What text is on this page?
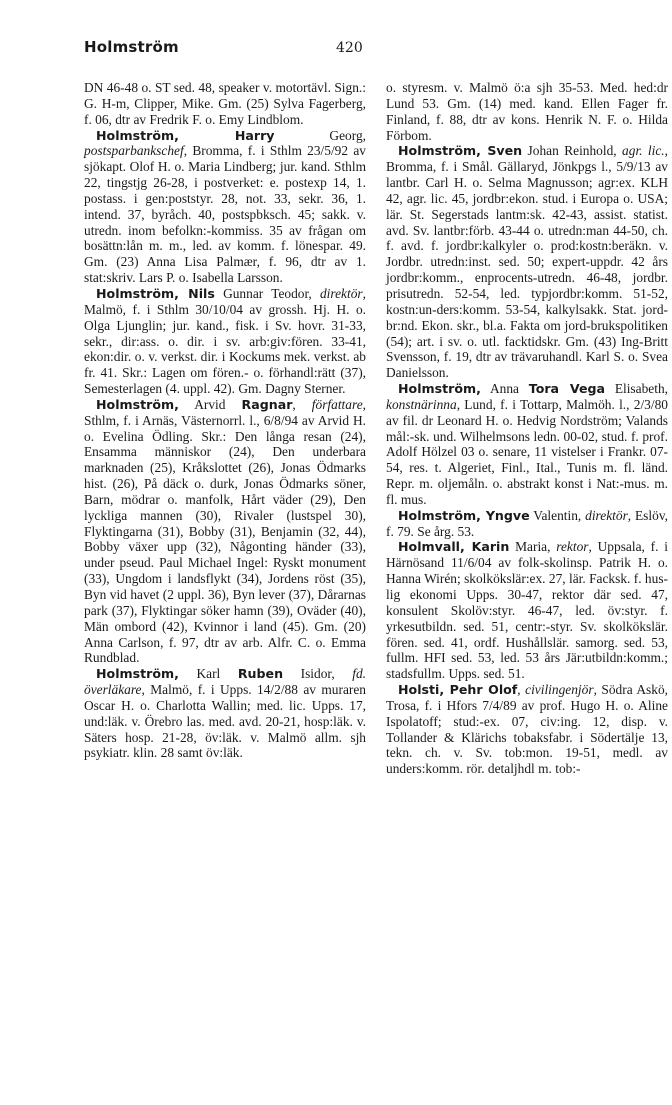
Holmström	420

DN 46-48 o. ST sed. 48, speaker v. motortävl. Sign.: G. H-m, Clipper, Mike. Gm. (25) Sylva Fagerberg, f. 06, dtr av Fredrik F. o. Emy Lindblom.

Holmström, Harry Georg, postsparbankschef, Bromma, f. i Sthlm 23/5/92 av sjökapt. Olof H. o. Maria Lindberg; jur. kand. Sthlm 22, tingstjg 26-28, i postverket: e. postexp 14, 1. postass. i gen:poststyr. 28, not. 33, sekr. 36, 1. intend. 37, byråch. 40, postspbksch. 45; sakk. v. utredn. inom befolkn:-kommiss. 35 av frågan om bosättn:lån m. m., led. av komm. f. lönespar. 49. Gm. (23) Anna Lisa Palmær, f. 96, dtr av 1. stat:skriv. Lars P. o. Isabella Larsson.

Holmström, Nils Gunnar Teodor, direktör, Malmö, f. i Sthlm 30/10/04 av grossh. Hj. H. o. Olga Ljunglin; jur. kand., fisk. i Sv. hovr. 31-33, sekr., dir:ass. o. dir. i sv. arb:giv:fören. 33-41, ekon:dir. o. v. verkst. dir. i Kockums mek. verkst. ab fr. 41. Skr.: Lagen om fören.- o. förhandl:rätt (37), Semesterlagen (4. uppl. 42). Gm. Dagny Sterner.

Holmström, Arvid Ragnar, författare, Sthlm, f. i Arnäs, Västernorrl. l., 6/8/94 av Arvid H. o. Evelina Ödling. Skr.: Den långa resan (24), Ensamma människor (24), Den underbara marknaden (25), Kråkslottet (26), Jonas Ödmarks hist. (26), På däck o. durk, Jonas Ödmarks söner, Barn, mödrar o. manfolk, Hårt väder (29), Den lyckliga mannen (30), Rivaler (lustspel 30), Flyktingarna (31), Bobby (31), Benjamin (32, 44), Bobby växer upp (32), Någonting händer (33), under pseud. Paul Michael Ingel: Ryskt monument (33), Ungdom i landsflykt (34), Jordens röst (35), Byn vid havet (2 uppl. 36), Byn lever (37), Dårarnas park (37), Flyktingar söker hamn (39), Oväder (40), Män ombord (42), Kvinnor i land (45). Gm. (20) Anna Carlson, f. 97, dtr av arb. Alfr. C. o. Emma Rundblad.

Holmström, Karl Ruben Isidor, fd. överläkare, Malmö, f. i Upps. 14/2/88 av muraren Oscar H. o. Charlotta Wallin; med. lic. Upps. 17, und:läk. v. Örebro las. med. avd. 20-21, hosp:läk. v. Säters hosp. 21-28, öv:läk. v. Malmö allm. sjh psykiatr. klin. 28 samt öv:läk.

o. styresm. v. Malmö ö:a sjh 35-53. Med. hed:dr Lund 53. Gm. (14) med. kand. Ellen Fager fr. Finland, f. 88, dtr av kons. Henrik N. F. o. Hilda Förbom.

Holmström, Sven Johan Reinhold, agr. lic., Bromma, f. i Smål. Gällaryd, Jönkpgs l., 5/9/13 av lantbr. Carl H. o. Selma Magnusson; agr:ex. KLH 42, agr. lic. 45, jordbr:ekon. stud. i Europa o. USA; lär. St. Segerstads lantm:sk. 42-43, assist. statist. avd. Sv. lantbr:förb. 43-44 o. utredn:man 44-50, ch. f. avd. f. jordbr:kalkyler o. prod:kostn:beräkn. v. Jordbr. utredn:inst. sed. 50; expert-uppdr. 42 års jordbr:komm., enprocents-utredn. 46-48, jordbr. prisutredn. 52-54, led. typjordbr:komm. 51-52, kostn:un-ders:komm. 53-54, kalkylsakk. Stat. jord-br:nd. Ekon. skr., bl.a. Fakta om jord-brukspolitiken (54); art. i sv. o. utl. facktidskr. Gm. (43) Ing-Britt Svensson, f. 19, dtr av trävaruhandl. Karl S. o. Svea Danielsson.

Holmström, Anna Tora Vega Elisabeth, konstnärinna, Lund, f. i Tottarp, Malmöh. l., 2/3/80 av fil. dr Leonard H. o. Hedvig Nordström; Valands mål:-sk. und. Wilhelmsons ledn. 00-02, stud. f. prof. Adolf Hölzel 03 o. senare, 11 vistelser i Frankr. 07-54, res. t. Algeriet, Finl., Ital., Tunis m. fl. länd. Repr. m. oljemåln. o. abstrakt konst i Nat:-mus. m. fl. mus.

Holmström, Yngve Valentin, direktör, Eslöv, f. 79. Se årg. 53.

Holmvall, Karin Maria, rektor, Uppsala, f. i Härnösand 11/6/04 av folk-skolinsp. Patrik H. o. Hanna Wirén; skolkökslär:ex. 27, lär. Facksk. f. hus-lig ekonomi Upps. 30-47, rektor där sed. 47, konsulent Skolöv:styr. 46-47, led. öv:styr. f. yrkesutbildn. sed. 51, centr:-styr. Sv. skolkökslär. fören. sed. 41, ordf. Hushållslär. samorg. sed. 53, fullm. HFI sed. 53, led. 53 års Jär:utbildn:komm.; stadsfullm. Upps. sed. 51.

Holsti, Pehr Olof, civilingenjör, Södra Askö, Trosa, f. i Hfors 7/4/89 av prof. Hugo H. o. Aline Ispolatoff; stud:-ex. 07, civ:ing. 12, disp. v. Tollander & Klärichs tobaksfabr. i Södertälje 13, tekn. ch. v. Sv. tob:mon. 19-51, medl. av unders:komm. rör. detaljhdl m. tob:-
